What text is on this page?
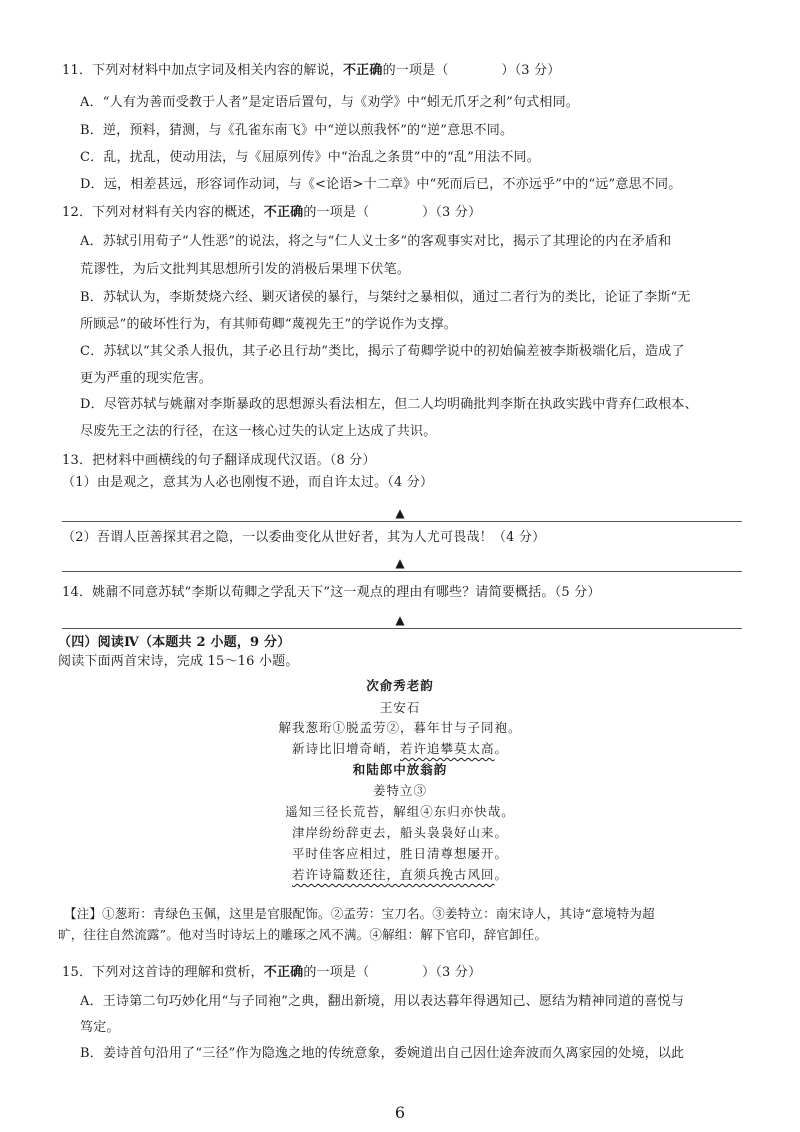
11．下列对材料中加点字词及相关内容的解说，不正确的一项是（　　　　）（3 分）
A．“人有为善而受教于人者”是定语后置句，与《劝学》中“蚓无爪牙之利”句式相同。
B．逆，预料，猜测，与《孔雀东南飞》中“逆以煎我怀”的“逆”意思不同。
C．乱，扰乱，使动用法，与《屈原列传》中“治乱之条贯”中的“乱”用法不同。
D．远，相差甚远，形容词作动词，与《<论语>十二章》中“死而后已，不亦远乎”中的“远”意思不同。
12．下列对材料有关内容的概述，不正确的一项是（　　　　）（3 分）
A．苏轼引用荀子“人性恶”的说法，将之与“仁人义士多”的客观事实对比，揭示了其理论的内在矛盾和
荒谬性，为后文批判其思想所引发的消极后果埋下伏笔。
B．苏轼认为，李斯焚烧六经、剿灭诸侯的暴行，与桀纣之暴相似，通过二者行为的类比，论证了李斯“无
所顾忌”的破坏性行为，有其师荀卿“蔑视先王”的学说作为支撑。
C．苏轼以“其父杀人报仇，其子必且行劫”类比，揭示了荀卿学说中的初始偏差被李斯极端化后，造成了
更为严重的现实危害。
D．尽管苏轼与姚鼐对李斯暴政的思想源头看法相左，但二人均明确批判李斯在执政实践中背弃仁政根本、
尽废先王之法的行径，在这一核心过失的认定上达成了共识。
13．把材料中画横线的句子翻译成现代汉语。（8 分）
（1）由是观之，意其为人必也刚愎不逊，而自许太过。（4 分）
▲
（2）吾谓人臣善探其君之隐，一以委曲变化从世好者，其为人尤可畏哉！（4 分）
▲
14．姚鼐不同意苏轼“李斯以荀卿之学乱天下”这一观点的理由有哪些？请简要概括。（5 分）
▲
（四）阅读Ⅳ（本题共 2 小题，9 分）
阅读下面两首宋诗，完成 15～16 小题。
次俞秀老韵
王安石
解我葱珩①脱孟劳②，暮年甘与子同袍。
新诗比旧增奇峭，若许追攀莫太高。
和陆郎中放翁韵
姜特立③
遥知三径长荒苔，解组④东归亦快哉。
津岸纷纷辞吏去，船头袅袅好山来。
平时佳客应相过，胜日清尊想屡开。
若许诗篇数还往，直须兵挽古风回。
【注】①葱珩：青绿色玉佩，这里是官服配饰。②孟劳：宝刀名。③姜特立：南宋诗人，其诗“意境特为超
旷，往往自然流露”。他对当时诗坛上的雕琢之风不满。④解组：解下官印，辞官卸任。
15．下列对这首诗的理解和赏析，不正确的一项是（　　　　）（3 分）
A．王诗第二句巧妙化用“与子同袍”之典，翻出新境，用以表达暮年得遇知己、愿结为精神同道的喜悦与
笃定。
B．姜诗首句沿用了“三径”作为隐逸之地的传统意象，委婉道出自己因仕途奔波而久离家园的处境，以此
6
